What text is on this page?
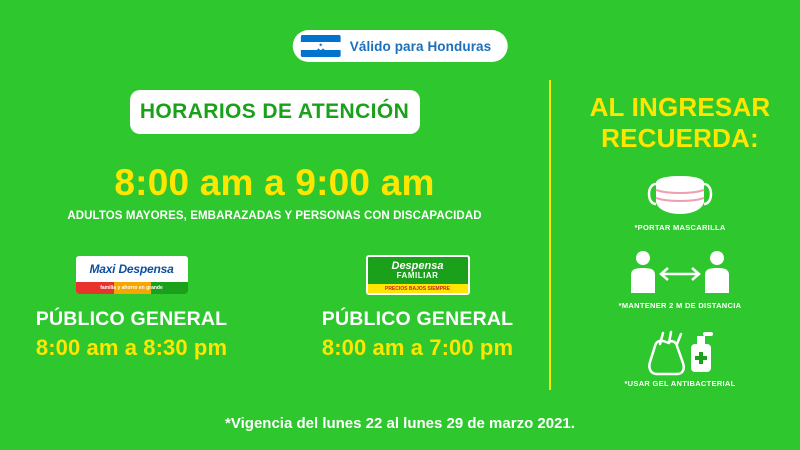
★★
★
★★ Válido para Honduras
HORARIOS DE ATENCIÓN
8:00 am a 9:00 am
ADULTOS MAYORES, EMBARAZADAS Y PERSONAS CON DISCAPACIDAD
Maxi Despensa
familia y ahorro en grande
PÚBLICO GENERAL
8:00 am a 8:30 pm
Despensa
FAMILIAR
PRECIOS BAJOS SIEMPRE
PÚBLICO GENERAL
8:00 am a 7:00 pm
AL INGRESAR
RECUERDA:
*PORTAR MASCARILLA
*MANTENER 2 M DE DISTANCIA
*USAR GEL ANTIBACTERIAL
*Vigencia del lunes 22 al lunes 29 de marzo 2021.
